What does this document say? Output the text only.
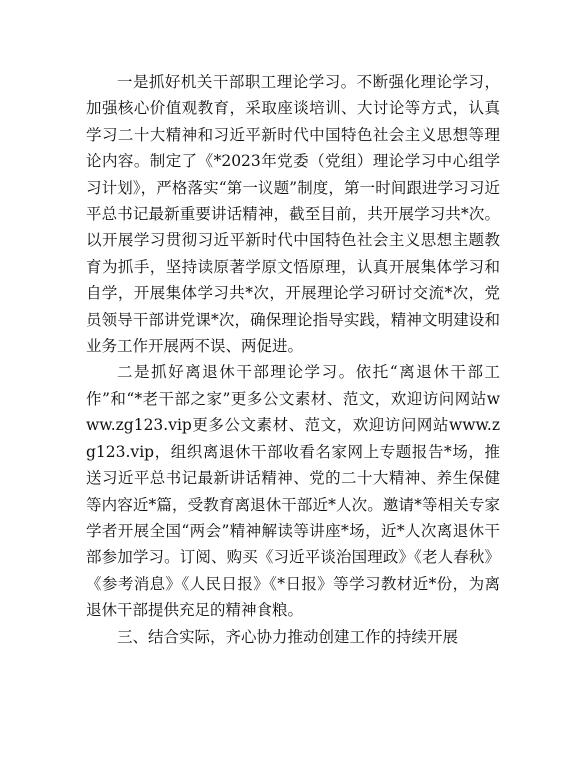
一是抓好机关干部职工理论学习。不断强化理论学习，加强核心价值观教育，采取座谈培训、大讨论等方式，认真学习二十大精神和习近平新时代中国特色社会主义思想等理论内容。制定了《*2023年党委（党组）理论学习中心组学习计划》，严格落实“第一议题”制度，第一时间跟进学习习近平总书记最新重要讲话精神，截至目前，共开展学习共*次。以开展学习贯彻习近平新时代中国特色社会主义思想主题教育为抓手，坚持读原著学原文悟原理，认真开展集体学习和自学，开展集体学习共*次，开展理论学习研讨交流*次，党员领导干部讲党课*次，确保理论指导实践，精神文明建设和业务工作开展两不误、两促进。

二是抓好离退休干部理论学习。依托“离退休干部工作”和“*老干部之家”更多公文素材、范文，欢迎访问网站www.zg123.vip更多公文素材、范文，欢迎访问网站www.zg123.vip，组织离退休干部收看名家网上专题报告*场，推送习近平总书记最新讲话精神、党的二十大精神、养生保健等内容近*篇，受教育离退休干部近*人次。邀请*等相关专家学者开展全国“两会”精神解读等讲座*场，近*人次离退休干部参加学习。订阅、购买《习近平谈治国理政》《老人春秋》《参考消息》《人民日报》《*日报》等学习教材近*份，为离退休干部提供充足的精神食粮。

三、结合实际，齐心协力推动创建工作的持续开展
